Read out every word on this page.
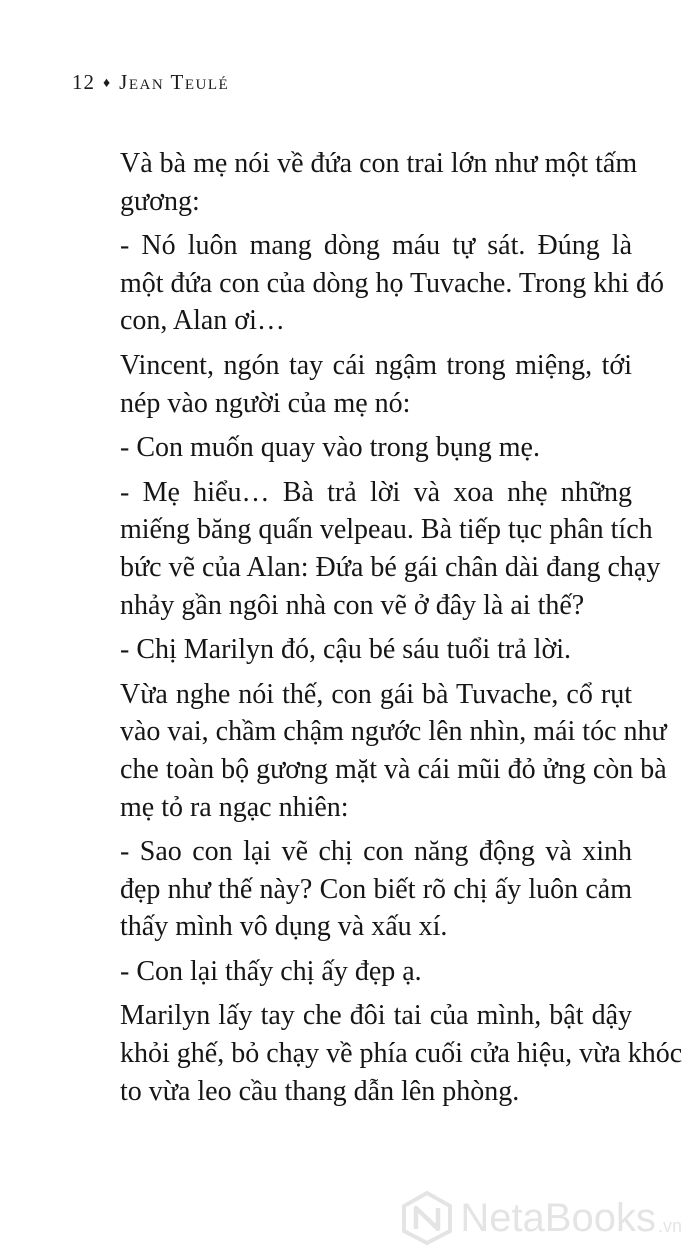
12 ♦ Jean Teulé

Và bà mẹ nói về đứa con trai lớn như một tấm
gương:

- Nó luôn mang dòng máu tự sát. Đúng là
một đứa con của dòng họ Tuvache. Trong khi đó
con, Alan ơi…

Vincent, ngón tay cái ngậm trong miệng, tới
nép vào người của mẹ nó:

- Con muốn quay vào trong bụng mẹ.

- Mẹ hiểu… Bà trả lời và xoa nhẹ những
miếng băng quấn velpeau. Bà tiếp tục phân tích
bức vẽ của Alan: Đứa bé gái chân dài đang chạy
nhảy gần ngôi nhà con vẽ ở đây là ai thế?

- Chị Marilyn đó, cậu bé sáu tuổi trả lời.

Vừa nghe nói thế, con gái bà Tuvache, cổ rụt
vào vai, chầm chậm ngước lên nhìn, mái tóc như
che toàn bộ gương mặt và cái mũi đỏ ửng còn bà
mẹ tỏ ra ngạc nhiên:

- Sao con lại vẽ chị con năng động và xinh
đẹp như thế này? Con biết rõ chị ấy luôn cảm
thấy mình vô dụng và xấu xí.

- Con lại thấy chị ấy đẹp ạ.

Marilyn lấy tay che đôi tai của mình, bật dậy
khỏi ghế, bỏ chạy về phía cuối cửa hiệu, vừa khóc
to vừa leo cầu thang dẫn lên phòng.

NetaBooks .vn
